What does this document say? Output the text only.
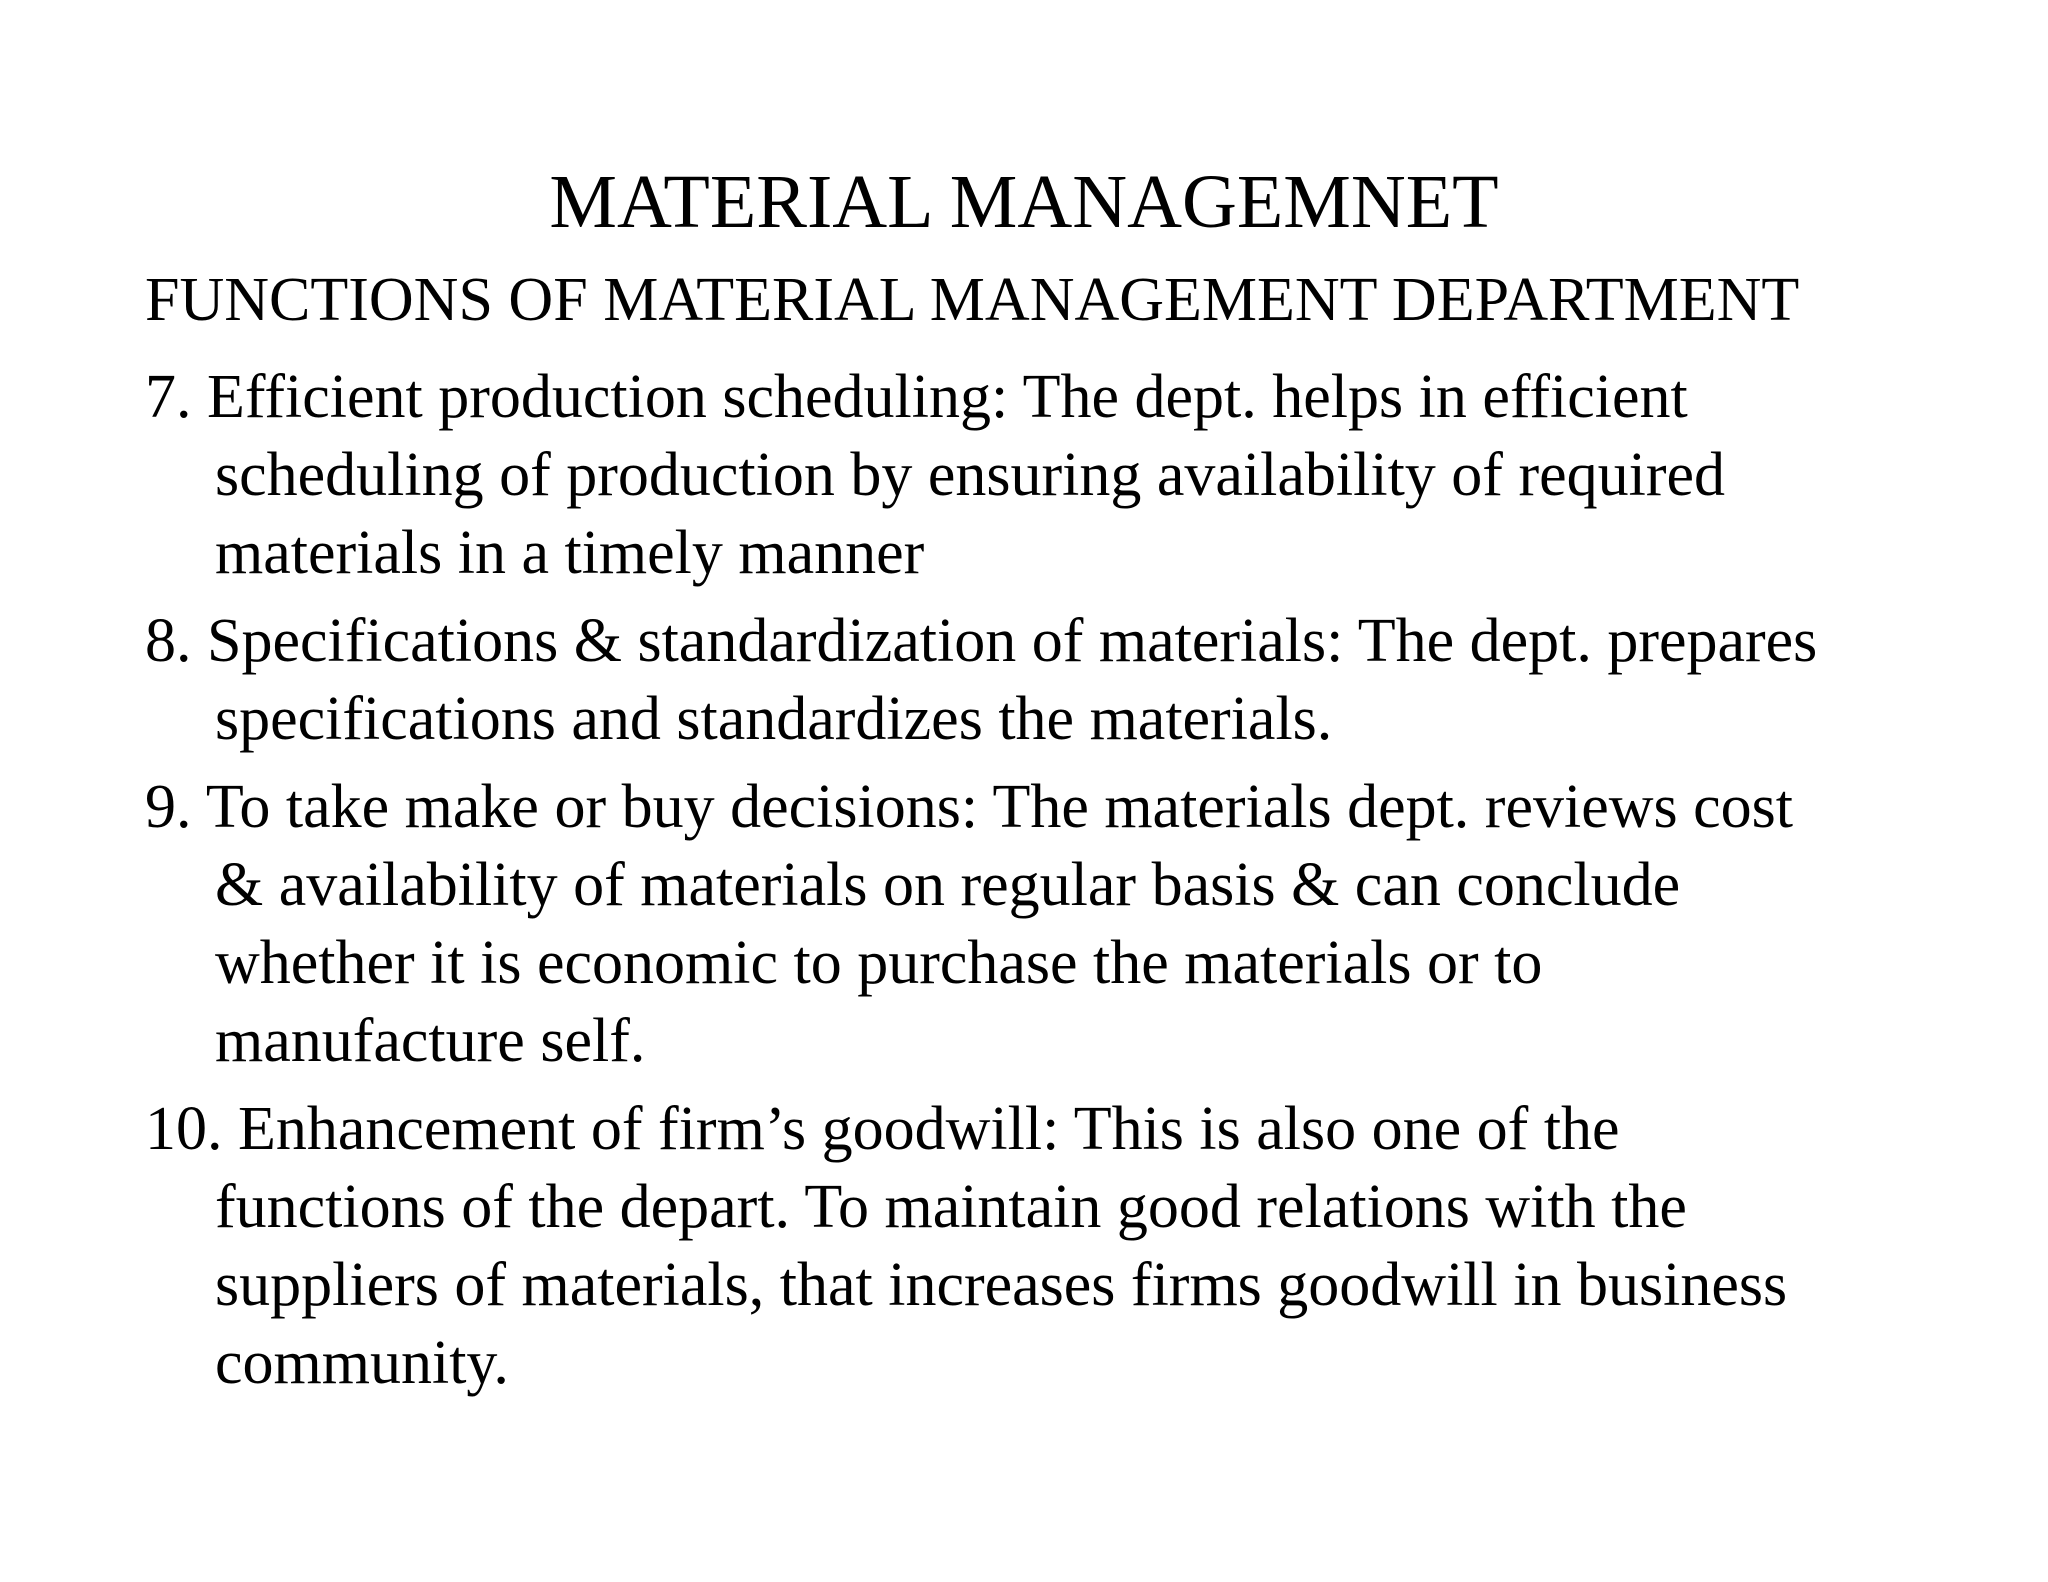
MATERIAL MANAGEMNET
FUNCTIONS OF MATERIAL MANAGEMENT DEPARTMENT
7. Efficient production scheduling: The dept. helps in efficient
scheduling of production by ensuring availability of required
materials in a timely manner
8. Specifications & standardization of materials: The dept. prepares
specifications and standardizes the materials.
9. To take make or buy decisions: The materials dept. reviews cost
& availability of materials on regular basis & can conclude
whether it is economic to purchase the materials or to
manufacture self.
10. Enhancement of firm’s goodwill: This is also one of the
functions of the depart. To maintain good relations with the
suppliers of materials, that increases firms goodwill in business
community.
